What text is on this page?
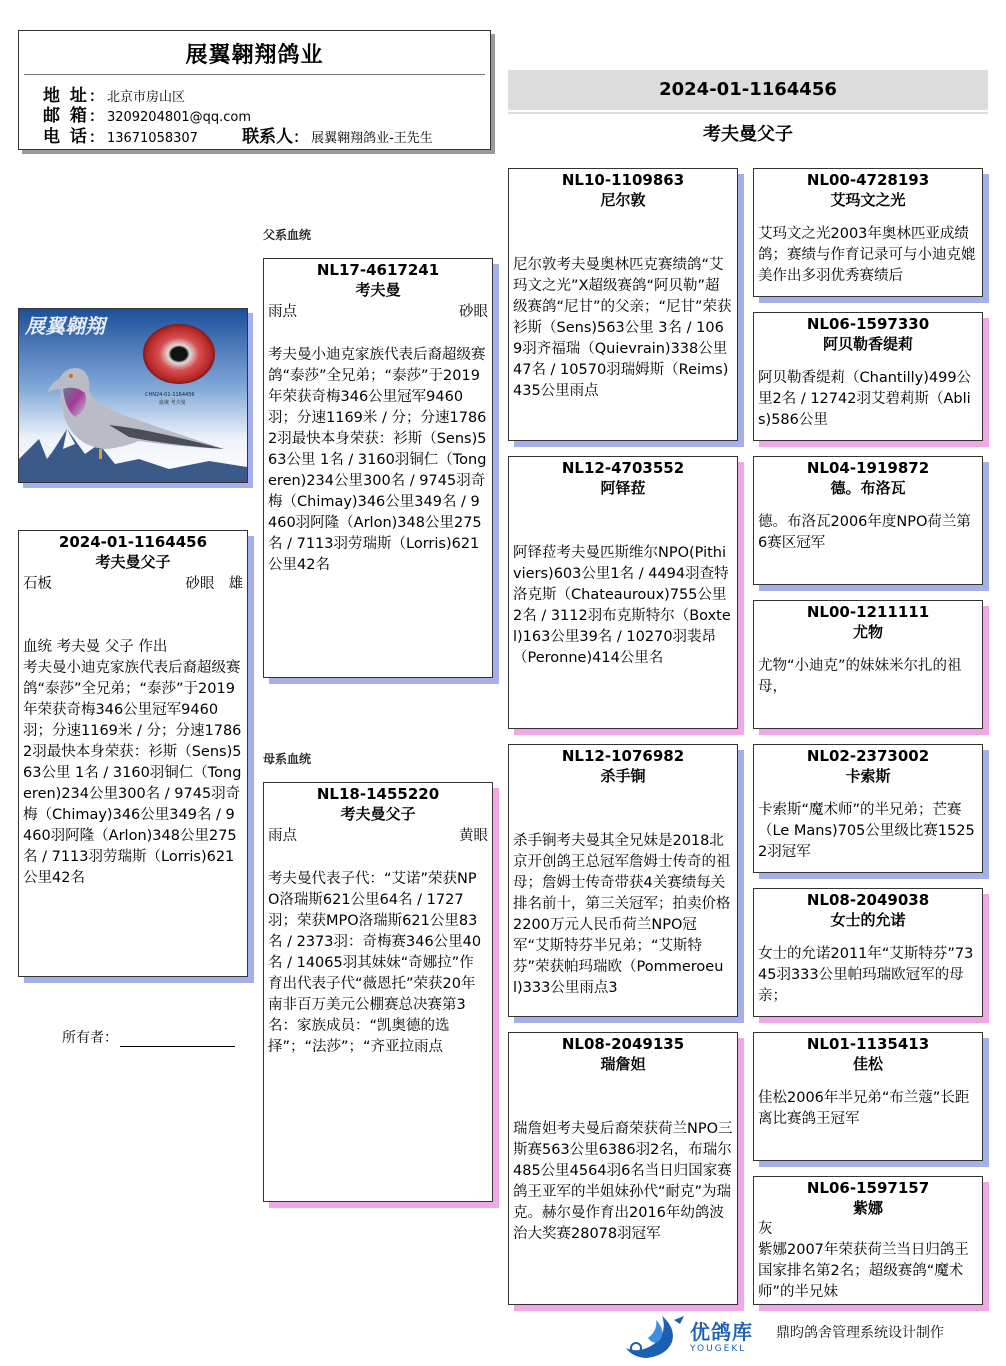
展翼翱翔鸽业
地 址： 北京市房山区
邮 箱： 3209204801@qq.com
电 话： 13671058307	联系人： 展翼翱翔鸽业-王先生
2024-01-1164456
考夫曼父子
父系血统
母系血统
展翼翱翔
CHN24-01-1164456
血统 考夫曼
2024-01-1164456
考夫曼父子
石板	砂眼 雄
血统 考夫曼 父子 作出
考夫曼小迪克家族代表后裔超级赛鸽“泰莎”全兄弟；“泰莎”于2019年荣获奇梅346公里冠军9460羽；分速1169米 / 分；分速17862羽最快本身荣获：衫斯（Sens)563公里 1名 / 3160羽铜仁（Tongeren)234公里300名 / 9745羽奇梅（Chimay)346公里349名 / 9460羽阿隆（Arlon)348公里275名 / 7113羽劳瑞斯（Lorris)621公里42名
所有者：
NL17-4617241
考夫曼
雨点	砂眼
考夫曼小迪克家族代表后裔超级赛鸽“泰莎”全兄弟；“泰莎”于2019年荣获奇梅346公里冠军9460羽；分速1169米 / 分；分速17862羽最快本身荣获：衫斯（Sens)563公里 1名 / 3160羽铜仁（Tongeren)234公里300名 / 9745羽奇梅（Chimay)346公里349名 / 9460羽阿隆（Arlon)348公里275名 / 7113羽劳瑞斯（Lorris)621公里42名
NL18-1455220
考夫曼父子
雨点	黄眼
考夫曼代表子代：“艾诺”荣获NPO洛瑞斯621公里64名 / 1727羽；荣获MPO洛瑞斯621公里83名 / 2373羽：奇梅赛346公里40名 / 14065羽其妹妹“奇娜拉”作育出代表子代“薇恩托”荣获20年南非百万美元公棚赛总决赛第3名：家族成员：“凯奥德的选择”；“法莎”；“齐亚拉雨点
NL10-1109863
尼尔敦
尼尔敦考夫曼奥林匹克赛绩鸽“艾玛文之光”X超级赛鸽“阿贝勒”超级赛鸽“尼甘”的父亲；“尼甘”荣获衫斯（Sens)563公里 3名 / 1069羽齐福瑞（Quievrain)338公里47名 / 10570羽瑞姆斯（Reims)435公里雨点
NL12-4703552
阿铎菈
阿铎菈考夫曼匹斯维尔NPO(Pithiviers)603公里1名 / 4494羽查特洛克斯（Chateauroux)755公里2名 / 3112羽布克斯特尔（Boxtel)163公里39名 / 10270羽裴昂（Peronne)414公里名
NL12-1076982
杀手锏
杀手锏考夫曼其全兄妹是2018北京开创鸽王总冠军詹姆士传奇的祖母；詹姆士传奇带获4关赛绩每关排名前十，第三关冠军；拍卖价格2200万元人民币荷兰NPO冠军“艾斯特芬半兄弟；“艾斯特芬”荣获帕玛瑞欧（Pommeroeul)333公里雨点3
NL08-2049135
瑞詹妲
瑞詹妲考夫曼后裔荣获荷兰NPO三斯赛563公里6386羽2名，布瑞尔485公里4564羽6名当日归国家赛鸽王亚军的半姐妹孙代“耐克”为瑞克。赫尔曼作育出2016年幼鸽波治大奖赛28078羽冠军
NL00-4728193
艾玛文之光
艾玛文之光2003年奥林匹亚成绩鸽；赛绩与作育记录可与小迪克媲美作出多羽优秀赛绩后
NL06-1597330
阿贝勒香缇莉
阿贝勒香缇莉（Chantilly)499公里2名 / 12742羽艾碧莉斯（Ablis)586公里
NL04-1919872
德。布洛瓦
德。布洛瓦2006年度NPO荷兰第6赛区冠军
NL00-1211111
尤物
尤物“小迪克”的妹妹米尔扎的祖母，
NL02-2373002
卡索斯
卡索斯“魔术师”的半兄弟；芒赛（Le Mans)705公里级比赛15252羽冠军
NL08-2049038
女士的允诺
女士的允诺2011年“艾斯特芬”7345羽333公里帕玛瑞欧冠军的母亲；
NL01-1135413
佳松
佳松2006年半兄弟“布兰蔻”长距离比赛鸽王冠军
NL06-1597157
紫娜
灰
紫娜2007年荣获荷兰当日归鸽王国家排名第2名；超级赛鸽“魔术师”的半兄妹
优鸽库
YOUGEKL
鼎昀鸽舍管理系统设计制作
